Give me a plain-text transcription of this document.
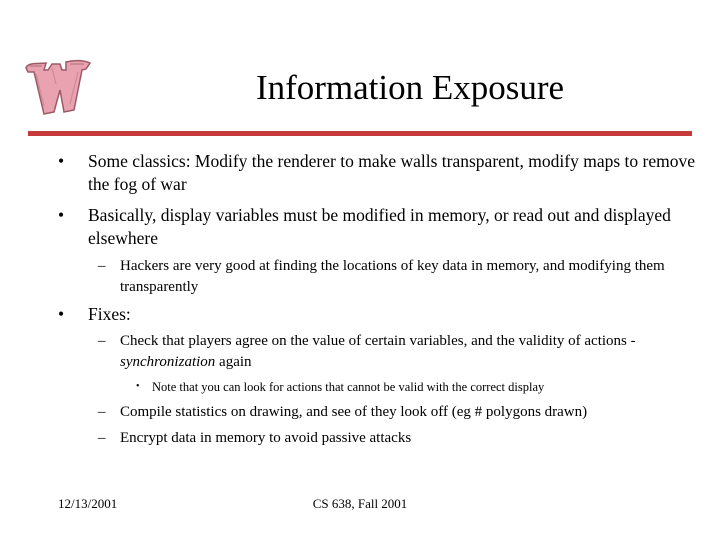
Information Exposure
• Some classics: Modify the renderer to make walls transparent, modify maps to remove the fog of war
• Basically, display variables must be modified in memory, or read out and displayed elsewhere
– Hackers are very good at finding the locations of key data in memory, and modifying them transparently
• Fixes:
– Check that players agree on the value of certain variables, and the validity of actions - synchronization again
• Note that you can look for actions that cannot be valid with the correct display
– Compile statistics on drawing, and see of they look off (eg # polygons drawn)
– Encrypt data in memory to avoid passive attacks
12/13/2001	CS 638, Fall 2001
